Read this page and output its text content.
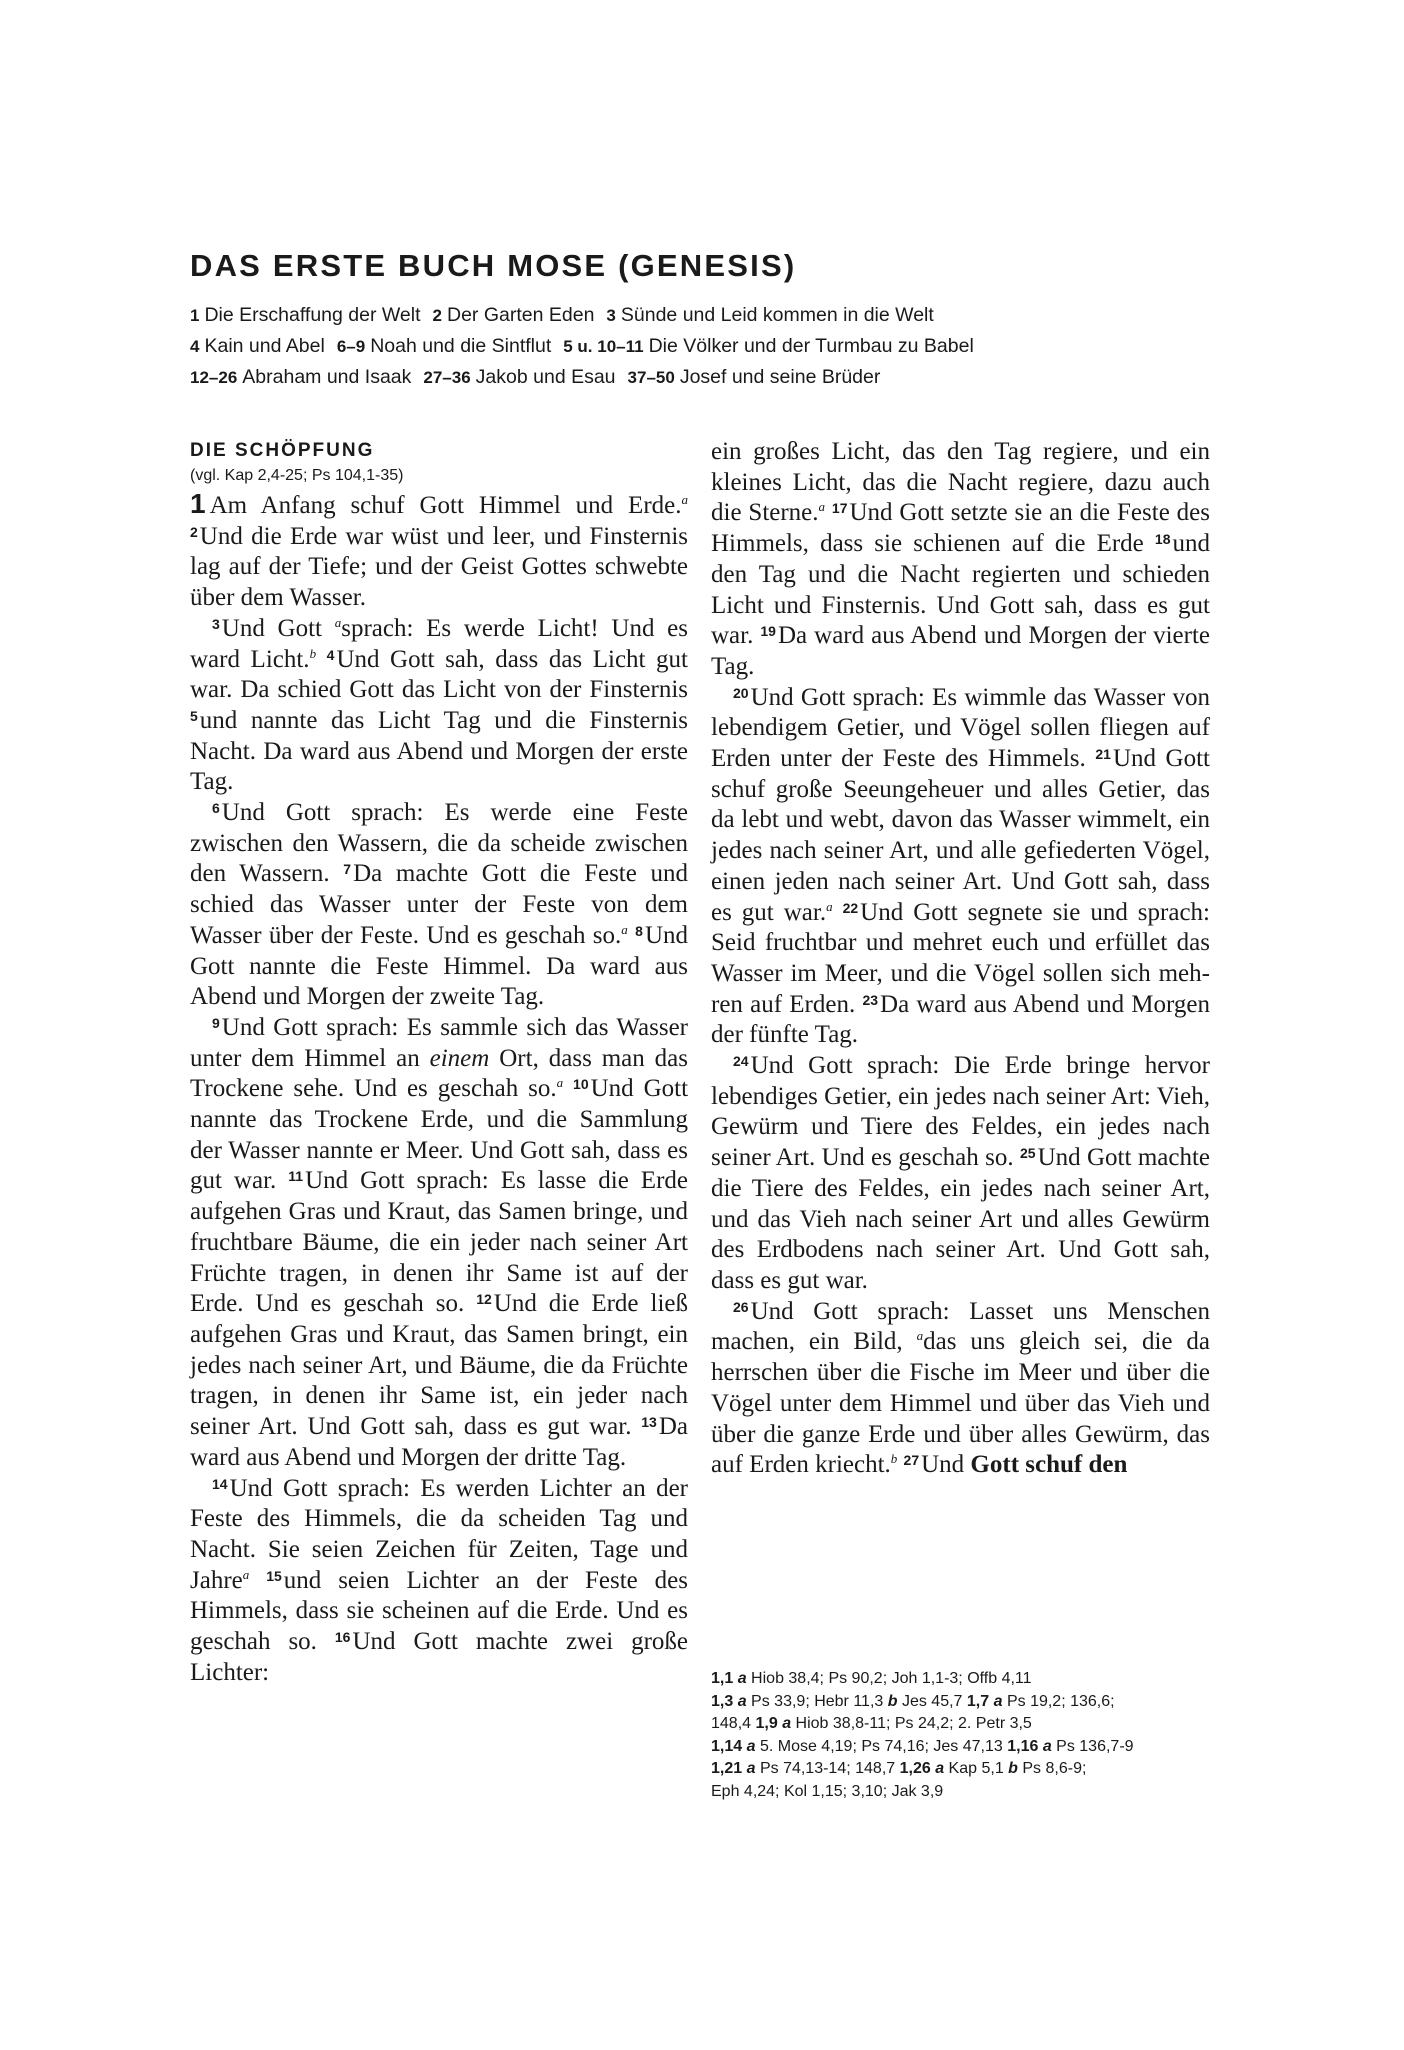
DAS ERSTE BUCH MOSE (GENESIS)
1 Die Erschaffung der Welt 2 Der Garten Eden 3 Sünde und Leid kommen in die Welt
4 Kain und Abel 6–9 Noah und die Sintflut 5 u. 10–11 Die Völker und der Turmbau zu Babel
12–26 Abraham und Isaak 27–36 Jakob und Esau 37–50 Josef und seine Brüder

DIE SCHÖPFUNG

(vgl. Kap 2,4-25; Ps 104,1-35)

1 Am Anfang schuf Gott Himmel und Erde.$^a$ $^2$Und die Erde war wüst und leer, und Finsternis lag auf der Tiefe; und der Geist Gottes schwebte über dem Wasser.

$^3$Und Gott $^a$sprach: Es werde Licht! Und es ward Licht.$^b$ $^4$Und Gott sah, dass das Licht gut war. Da schied Gott das Licht von der Finsternis $^5$und nannte das Licht Tag und die Finsternis Nacht. Da ward aus Abend und Morgen der erste Tag.

$^6$Und Gott sprach: Es werde eine Feste zwischen den Wassern, die da scheide zwischen den Wassern. $^7$Da machte Gott die Feste und schied das Wasser unter der Feste von dem Wasser über der Feste. Und es geschah so.$^a$ $^8$Und Gott nannte die Feste Himmel. Da ward aus Abend und Morgen der zweite Tag.

$^9$Und Gott sprach: Es sammle sich das Wasser unter dem Himmel an einem Ort, dass man das Trockene sehe. Und es geschah so.$^a$ $^{10}$Und Gott nannte das Trockene Erde, und die Sammlung der Wasser nannte er Meer. Und Gott sah, dass es gut war. $^{11}$Und Gott sprach: Es lasse die Erde aufgehen Gras und Kraut, das Samen bringe, und fruchtbare Bäume, die ein jeder nach seiner Art Früchte tragen, in denen ihr Same ist auf der Erde. Und es geschah so. $^{12}$Und die Erde ließ aufgehen Gras und Kraut, das Samen bringt, ein jedes nach seiner Art, und Bäume, die da Früchte tragen, in denen ihr Same ist, ein jeder nach seiner Art. Und Gott sah, dass es gut war. $^{13}$Da ward aus Abend und Morgen der dritte Tag.

$^{14}$Und Gott sprach: Es werden Lichter an der Feste des Himmels, die da scheiden Tag und Nacht. Sie seien Zeichen für Zeiten, Tage und Jahre$^a$ $^{15}$und seien Lichter an der Feste des Himmels, dass sie scheinen auf die Erde. Und es geschah so. $^{16}$Und Gott machte zwei große Lichter:

ein großes Licht, das den Tag regiere, und ein kleines Licht, das die Nacht regiere, dazu auch die Sterne.$^a$ $^{17}$Und Gott setzte sie an die Feste des Himmels, dass sie schienen auf die Erde $^{18}$und den Tag und die Nacht regierten und schieden Licht und Finsternis. Und Gott sah, dass es gut war. $^{19}$Da ward aus Abend und Morgen der vierte Tag.

$^{20}$Und Gott sprach: Es wimmle das Wasser von lebendigem Getier, und Vögel sollen fliegen auf Erden unter der Feste des Himmels. $^{21}$Und Gott schuf große Seeungeheuer und alles Getier, das da lebt und webt, davon das Wasser wimmelt, ein jedes nach seiner Art, und alle gefiederten Vögel, einen jeden nach seiner Art. Und Gott sah, dass es gut war.$^a$ $^{22}$Und Gott segnete sie und sprach: Seid fruchtbar und mehret euch und erfüllet das Wasser im Meer, und die Vögel sollen sich mehren auf Erden. $^{23}$Da ward aus Abend und Morgen der fünfte Tag.

$^{24}$Und Gott sprach: Die Erde bringe hervor lebendiges Getier, ein jedes nach seiner Art: Vieh, Gewürm und Tiere des Feldes, ein jedes nach seiner Art. Und es geschah so. $^{25}$Und Gott machte die Tiere des Feldes, ein jedes nach seiner Art, und das Vieh nach seiner Art und alles Gewürm des Erdbodens nach seiner Art. Und Gott sah, dass es gut war.

$^{26}$Und Gott sprach: Lasset uns Menschen machen, ein Bild, $^a$das uns gleich sei, die da herrschen über die Fische im Meer und über die Vögel unter dem Himmel und über das Vieh und über die ganze Erde und über alles Gewürm, das auf Erden kriecht.$^b$ $^{27}$Und Gott schuf den

1,1 a Hiob 38,4; Ps 90,2; Joh 1,1-3; Offb 4,11
1,3 a Ps 33,9; Hebr 11,3 b Jes 45,7 1,7 a Ps 19,2; 136,6;
148,4 1,9 a Hiob 38,8-11; Ps 24,2; 2. Petr 3,5
1,14 a 5. Mose 4,19; Ps 74,16; Jes 47,13 1,16 a Ps 136,7-9
1,21 a Ps 74,13-14; 148,7 1,26 a Kap 5,1 b Ps 8,6-9;
Eph 4,24; Kol 1,15; 3,10; Jak 3,9
